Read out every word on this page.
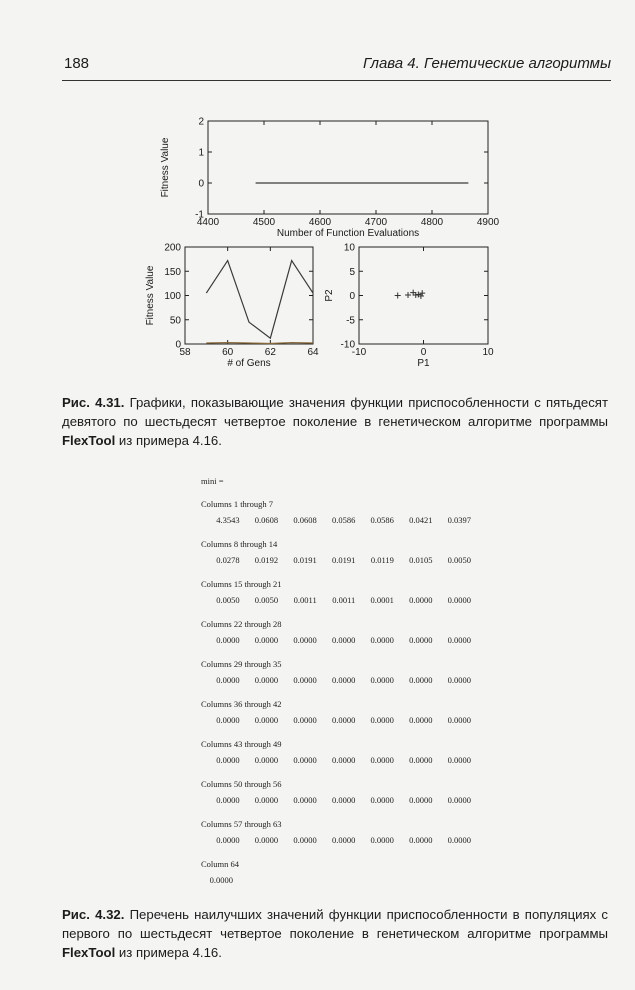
188	Глава 4. Генетические алгоритмы
4400	4500	4600	4700	4800	4900
-1
0
1
2
Number of Function Evaluations
Fitness Value
58	60	62	64
0
50
100
150
200
# of Gens
Fitness Value
-10	0	10
-10
-5
0
5
10
P1
P2
Рис. 4.31. Графики, показывающие значения функции приспособленности с пятьдесят девятого по шестьдесят четвертое поколение в генетическом алгоритме программы FlexTool из примера 4.16.
mini =
Columns 1 through 7
4.3543	0.0608	0.0608	0.0586	0.0586	0.0421	0.0397
Columns 8 through 14
0.0278	0.0192	0.0191	0.0191	0.0119	0.0105	0.0050
Columns 15 through 21
0.0050	0.0050	0.0011	0.0011	0.0001	0.0000	0.0000
Columns 22 through 28
0.0000	0.0000	0.0000	0.0000	0.0000	0.0000	0.0000
Columns 29 through 35
0.0000	0.0000	0.0000	0.0000	0.0000	0.0000	0.0000
Columns 36 through 42
0.0000	0.0000	0.0000	0.0000	0.0000	0.0000	0.0000
Columns 43 through 49
0.0000	0.0000	0.0000	0.0000	0.0000	0.0000	0.0000
Columns 50 through 56
0.0000	0.0000	0.0000	0.0000	0.0000	0.0000	0.0000
Columns 57 through 63
0.0000	0.0000	0.0000	0.0000	0.0000	0.0000	0.0000
Column 64
0.0000
Рис. 4.32. Перечень наилучших значений функции приспособленности в популяциях с первого по шестьдесят четвертое поколение в генетическом алгоритме программы FlexTool из примера 4.16.
